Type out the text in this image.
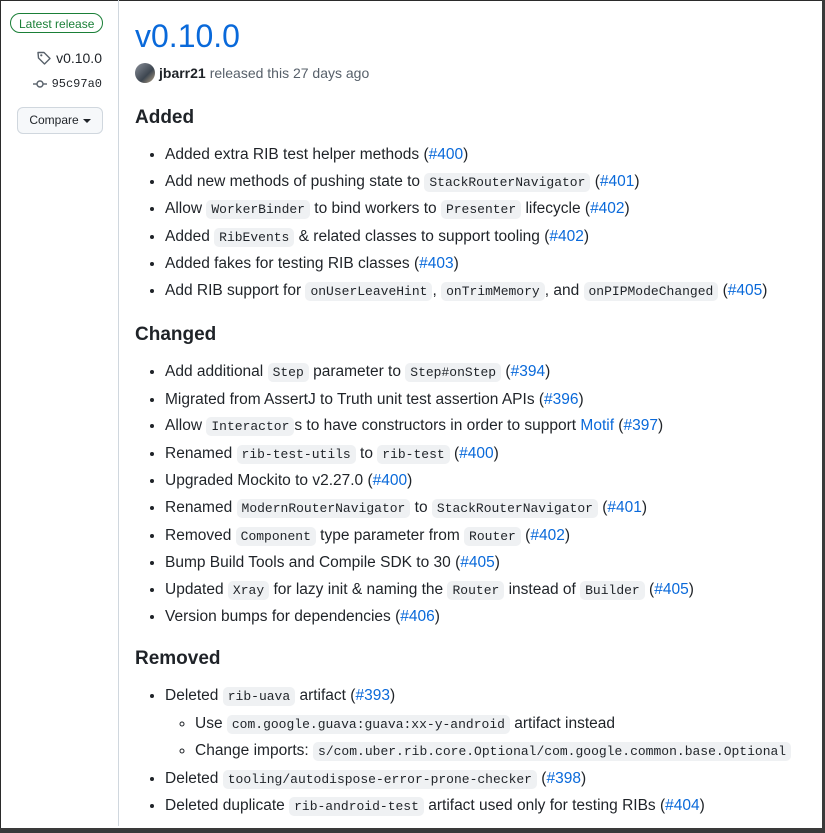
Latest release
v0.10.0
95c97a0
Compare
v0.10.0
jbarr21 released this 27 days ago
Added
• Added extra RIB test helper methods (#400)
• Add new methods of pushing state to StackRouterNavigator (#401)
• Allow WorkerBinder to bind workers to Presenter lifecycle (#402)
• Added RibEvents & related classes to support tooling (#402)
• Added fakes for testing RIB classes (#403)
• Add RIB support for onUserLeaveHint , onTrimMemory , and onPIPModeChanged (#405)
Changed
• Add additional Step parameter to Step#onStep (#394)
• Migrated from AssertJ to Truth unit test assertion APIs (#396)
• Allow Interactor s to have constructors in order to support Motif (#397)
• Renamed rib-test-utils to rib-test (#400)
• Upgraded Mockito to v2.27.0 (#400)
• Renamed ModernRouterNavigator to StackRouterNavigator (#401)
• Removed Component type parameter from Router (#402)
• Bump Build Tools and Compile SDK to 30 (#405)
• Updated Xray for lazy init & naming the Router instead of Builder (#405)
• Version bumps for dependencies (#406)
Removed
• Deleted rib-uava artifact (#393)
◦ Use com.google.guava:guava:xx-y-android artifact instead
◦ Change imports: s/com.uber.rib.core.Optional/com.google.common.base.Optional
• Deleted tooling/autodispose-error-prone-checker (#398)
• Deleted duplicate rib-android-test artifact used only for testing RIBs (#404)
